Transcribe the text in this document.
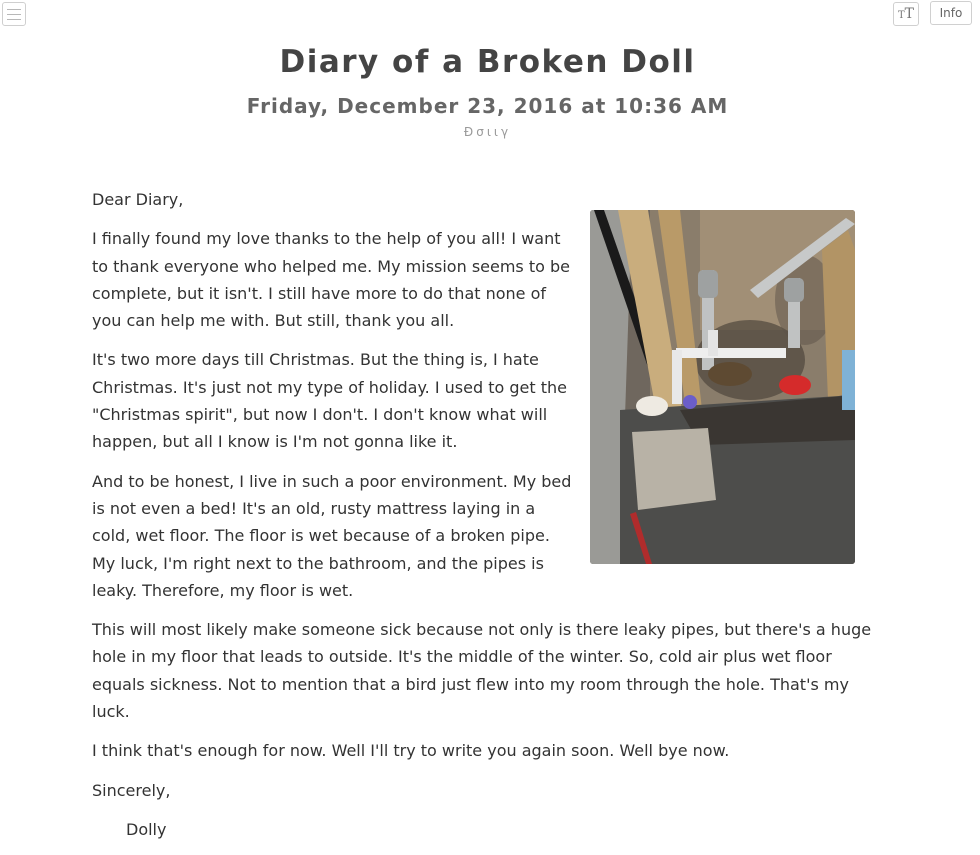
TT	Info
Diary of a Broken Doll
Friday, December 23, 2016 at 10:36 AM
Ðσιιγ

Dear Diary,

I finally found my love thanks to the help of you all! I want to thank everyone who helped me. My mission seems to be complete, but it isn't. I still have more to do that none of you can help me with. But still, thank you all.

It's two more days till Christmas. But the thing is, I hate Christmas. It's just not my type of holiday. I used to get the "Christmas spirit", but now I don't. I don't know what will happen, but all I know is I'm not gonna like it.

And to be honest, I live in such a poor environment. My bed is not even a bed! It's an old, rusty mattress laying in a cold, wet floor. The floor is wet because of a broken pipe. My luck, I'm right next to the bathroom, and the pipes is leaky. Therefore, my floor is wet.

This will most likely make someone sick because not only is there leaky pipes, but there's a huge hole in my floor that leads to outside. It's the middle of the winter. So, cold air plus wet floor equals sickness. Not to mention that a bird just flew into my room through the hole. That's my luck.

I think that's enough for now. Well I'll try to write you again soon. Well bye now.

Sincerely,

Dolly
